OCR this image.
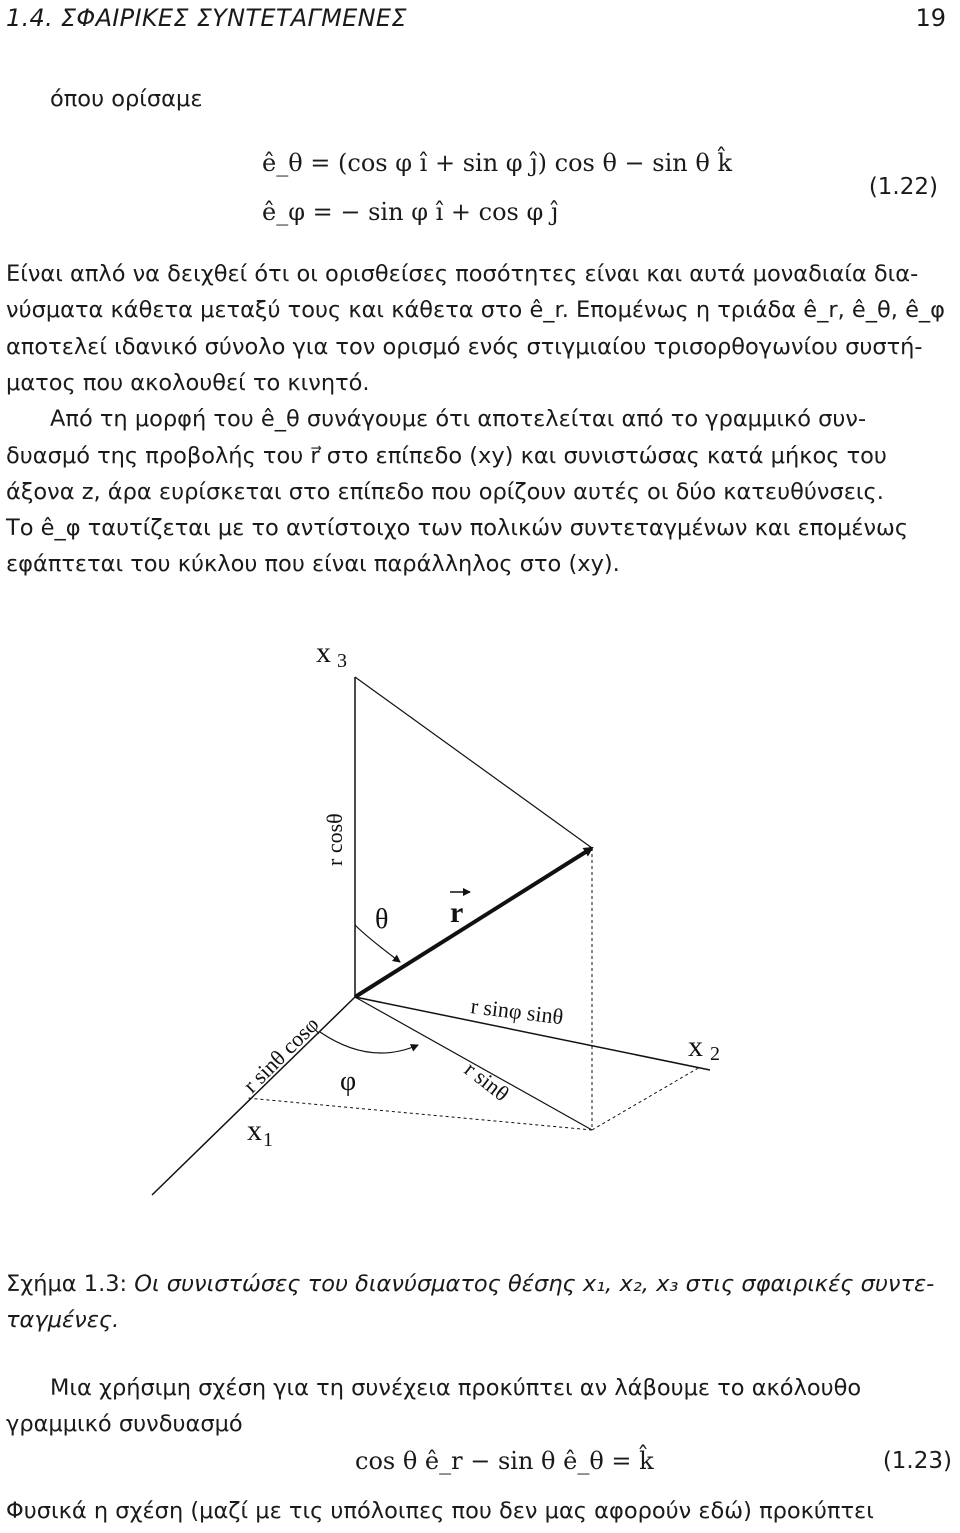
1.4. ΣΦΑΙΡΙΚΕΣ ΣΥΝΤΕΤΑΓΜΕΝΕΣ	19
όπου ορίσαμε
ê_θ = (cos φ î + sin φ ĵ) cos θ − sin θ k̂
ê_φ = − sin φ î + cos φ ĵ
(1.22)
Είναι απλό να δειχθεί ότι οι ορισθείσες ποσότητες είναι και αυτά μοναδιαία δια-
νύσματα κάθετα μεταξύ τους και κάθετα στο ê_r. Επομένως η τριάδα ê_r, ê_θ, ê_φ
αποτελεί ιδανικό σύνολο για τον ορισμό ενός στιγμιαίου τρισορθογωνίου συστή-
ματος που ακολουθεί το κινητό.
Από τη μορφή του ê_θ συνάγουμε ότι αποτελείται από το γραμμικό συν-
δυασμό της προβολής του r⃗ στο επίπεδο (xy) και συνιστώσας κατά μήκος του
άξονα z, άρα ευρίσκεται στο επίπεδο που ορίζουν αυτές οι δύο κατευθύνσεις.
Το ê_φ ταυτίζεται με το αντίστοιχο των πολικών συντεταγμένων και επομένως
εφάπτεται του κύκλου που είναι παράλληλος στο (xy).
x 3
r cosθ
θ r
r sinφ sinθ
x 2
r sinθ cosφ φ	r sinθ
x 1
Σχήμα 1.3: Οι συνιστώσες του διανύσματος θέσης x₁, x₂, x₃ στις σφαιρικές συντε-
ταγμένες.
Μια χρήσιμη σχέση για τη συνέχεια προκύπτει αν λάβουμε το ακόλουθο
γραμμικό συνδυασμό
cos θ ê_r − sin θ ê_θ = k̂	(1.23)
Φυσικά η σχέση (μαζί με τις υπόλοιπες που δεν μας αφορούν εδώ) προκύπτει
